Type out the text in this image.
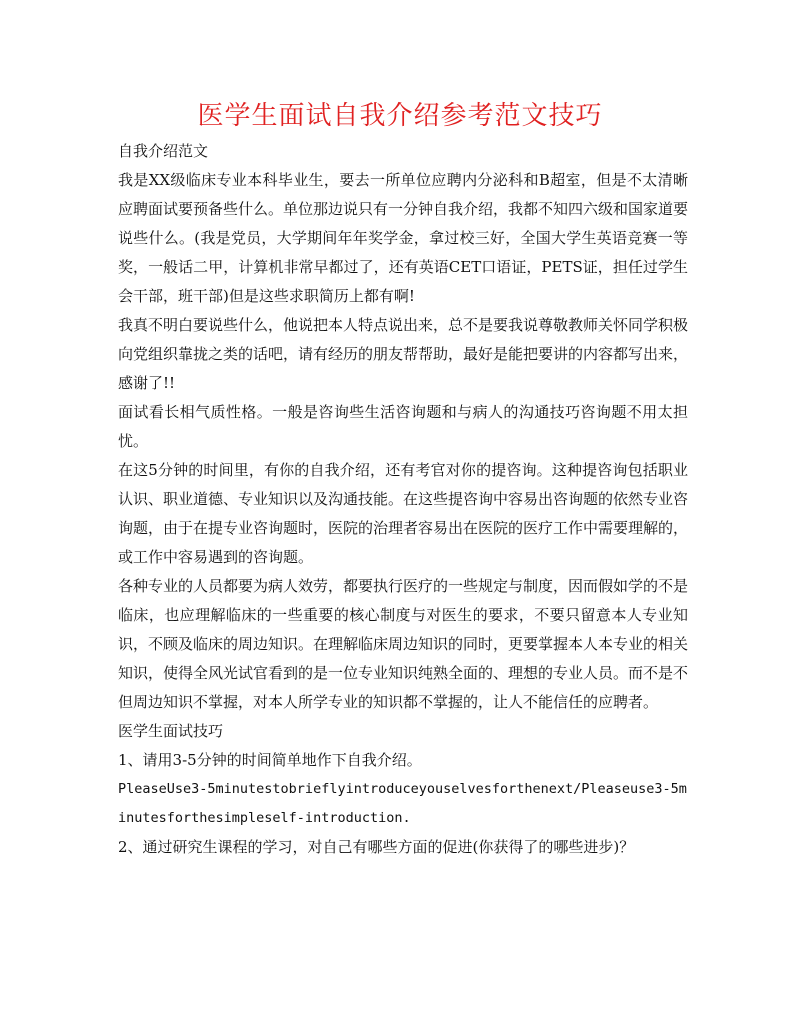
医学生面试自我介绍参考范文技巧

自我介绍范文

我是XX级临床专业本科毕业生，要去一所单位应聘内分泌科和B超室，但是不太清晰应聘面试要预备些什么。单位那边说只有一分钟自我介绍，我都不知四六级和国家道要说些什么。(我是党员，大学期间年年奖学金，拿过校三好，全国大学生英语竞赛一等奖，一般话二甲，计算机非常早都过了，还有英语CET口语证，PETS证，担任过学生会干部，班干部)但是这些求职简历上都有啊!

我真不明白要说些什么，他说把本人特点说出来，总不是要我说尊敬教师关怀同学积极向党组织靠拢之类的话吧，请有经历的朋友帮帮助，最好是能把要讲的内容都写出来，感谢了!!

面试看长相气质性格。一般是咨询些生活咨询题和与病人的沟通技巧咨询题不用太担忧。

在这5分钟的时间里，有你的自我介绍，还有考官对你的提咨询。这种提咨询包括职业认识、职业道德、专业知识以及沟通技能。在这些提咨询中容易出咨询题的依然专业咨询题，由于在提专业咨询题时，医院的治理者容易出在医院的医疗工作中需要理解的，或工作中容易遇到的咨询题。

各种专业的人员都要为病人效劳，都要执行医疗的一些规定与制度，因而假如学的不是临床，也应理解临床的一些重要的核心制度与对医生的要求，不要只留意本人专业知识，不顾及临床的周边知识。在理解临床周边知识的同时，更要掌握本人本专业的相关知识，使得全风光试官看到的是一位专业知识纯熟全面的、理想的专业人员。而不是不但周边知识不掌握，对本人所学专业的知识都不掌握的，让人不能信任的应聘者。

医学生面试技巧

1、请用3-5分钟的时间简单地作下自我介绍。

PleaseUse3-5minutestobrieflyintroduceyouselvesforthenext/Pleaseuse3-5minutesforthesimpleself-introduction.

2、通过研究生课程的学习，对自己有哪些方面的促进(你获得了的哪些进步)？
